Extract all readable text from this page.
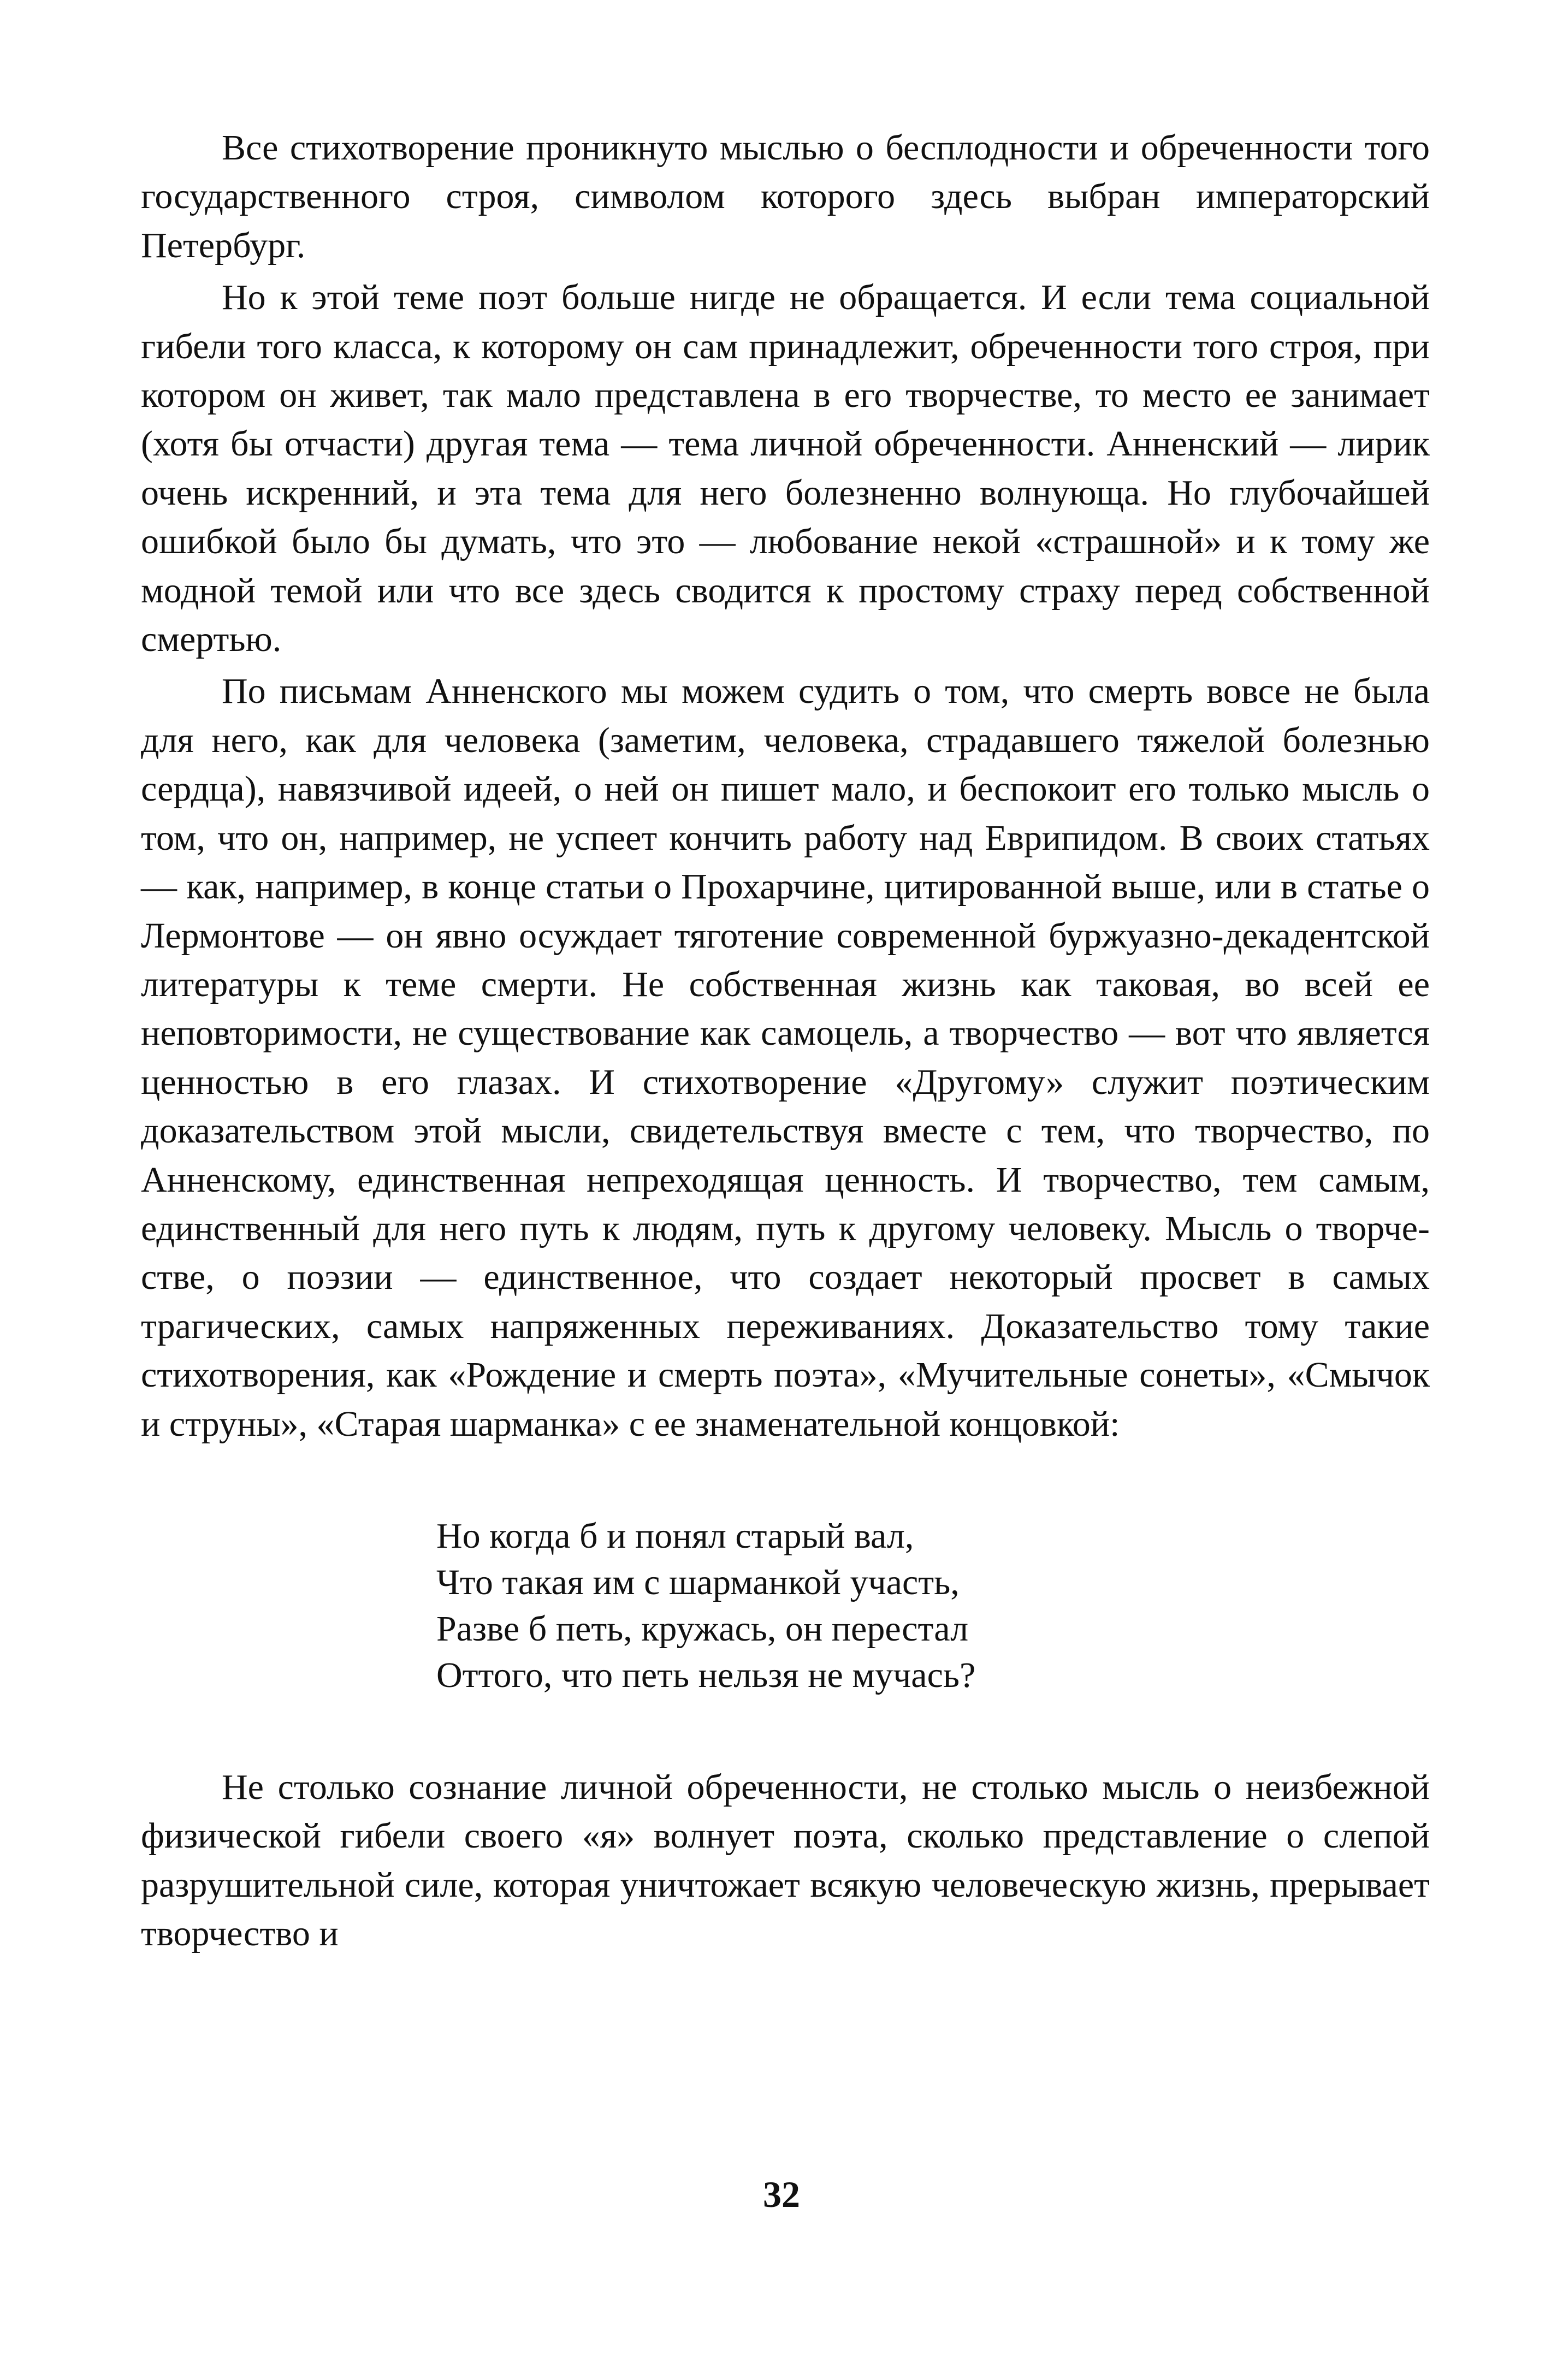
Все стихотворение проникнуто мыслью о бесплодности и обреченности того государственного строя, символом которого здесь выбран императорский Петербург.

Но к этой теме поэт больше нигде не обращается. И если тема социальной гибели того класса, к которому он сам принадлежит, обреченности того строя, при котором он живет, так мало представлена в его творчестве, то место ее занимает (хотя бы отчасти) другая тема — тема личной обреченности. Анненский — лирик очень искренний, и эта тема для него болезненно волнующа. Но глубочайшей ошибкой было бы думать, что это — любование некой «страшной» и к тому же модной темой или что все здесь сводится к простому страху перед собственной смертью.

По письмам Анненского мы можем судить о том, что смерть вовсе не была для него, как для человека (заметим, человека, страдавшего тяжелой болезнью сердца), навязчивой идеей, о ней он пишет мало, и беспокоит его только мысль о том, что он, например, не успеет кончить работу над Еврипидом. В своих статьях — как, например, в конце статьи о Прохарчине, цитированной выше, или в статье о Лермонтове — он явно осуждает тяготение современной буржуазно-декадентской литературы к теме смерти. Не собственная жизнь как таковая, во всей ее неповторимости, не существование как самоцель, а творчество — вот что является ценностью в его глазах. И стихотворение «Другому» служит поэтическим доказательством этой мысли, свидетельствуя вместе с тем, что творчество, по Анненскому, единственная непреходящая ценность. И творчество, тем самым, единственный для него путь к людям, путь к другому человеку. Мысль о творчестве, о поэзии — единственное, что создает некоторый просвет в самых трагических, самых напряженных переживаниях. Доказательство тому такие стихотворения, как «Рождение и смерть поэта», «Мучительные сонеты», «Смычок и струны», «Старая шарманка» с ее знаменательной концовкой:

Но когда б и понял старый вал,
Что такая им с шарманкой участь,
Разве б петь, кружась, он перестал
Оттого, что петь нельзя не мучась?

Не столько сознание личной обреченности, не столько мысль о неизбежной физической гибели своего «я» волнует поэта, сколько представление о слепой разрушительной силе, которая уничтожает всякую человеческую жизнь, прерывает творчество и

32
